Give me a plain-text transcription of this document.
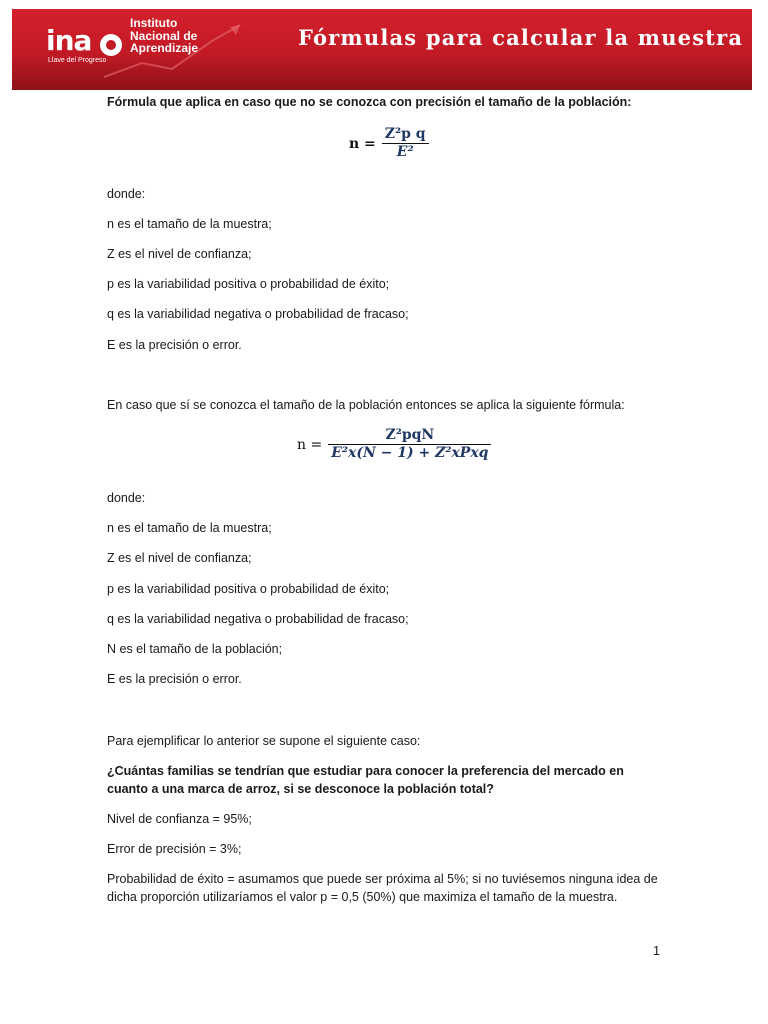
ina
Llave del Progreso
Instituto
Nacional de
Aprendizaje	Fórmulas para calcular la muestra
Fórmula que aplica en caso que no se conozca con precisión el tamaño de la población:
$n = \frac{\text{Z²p q}}{\text{E²}}$
donde:
n es el tamaño de la muestra;
Z es el nivel de confianza;
p es la variabilidad positiva o probabilidad de éxito;
q es la variabilidad negativa o probabilidad de fracaso;
E es la precisión o error.
En caso que sí se conozca el tamaño de la población entonces se aplica la siguiente fórmula:
$n = \frac{\text{Z²pqN}}{\text{E²x(N − 1) + Z²xPxq}}$
donde:
n es el tamaño de la muestra;
Z es el nivel de confianza;
p es la variabilidad positiva o probabilidad de éxito;
q es la variabilidad negativa o probabilidad de fracaso;
N es el tamaño de la población;
E es la precisión o error.
Para ejemplificar lo anterior se supone el siguiente caso:
¿Cuántas familias se tendrían que estudiar para conocer la preferencia del mercado en cuanto a una marca de arroz, si se desconoce la población total?
Nivel de confianza = 95%;
Error de precisión = 3%;
Probabilidad de éxito = asumamos que puede ser próxima al 5%; si no tuviésemos ninguna idea de dicha proporción utilizaríamos el valor p = 0,5 (50%) que maximiza el tamaño de la muestra.
1
